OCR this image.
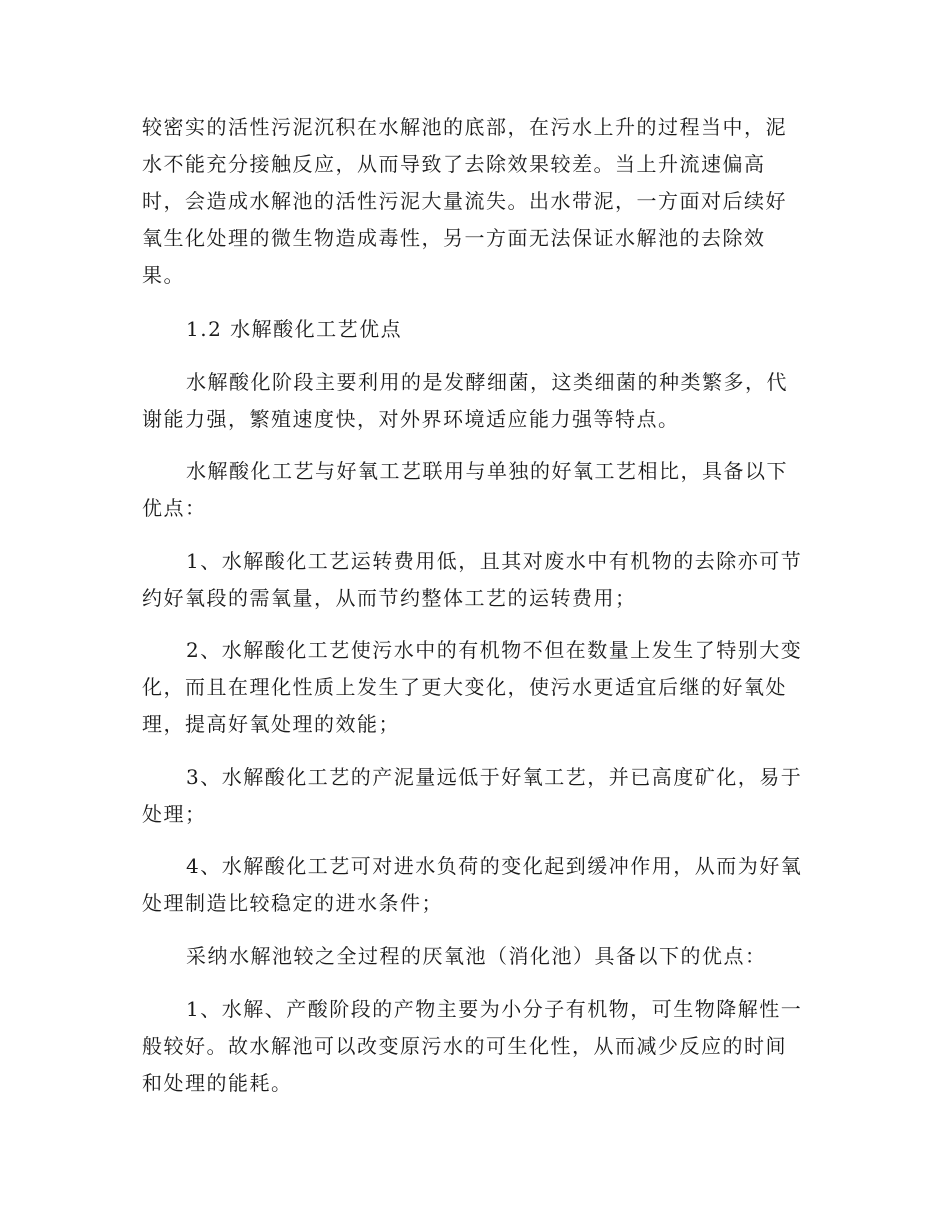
较密实的活性污泥沉积在水解池的底部，在污水上升的过程当中，泥
水不能充分接触反应，从而导致了去除效果较差。当上升流速偏高
时，会造成水解池的活性污泥大量流失。出水带泥，一方面对后续好
氧生化处理的微生物造成毒性，另一方面无法保证水解池的去除效
果。
1.2 水解酸化工艺优点
水解酸化阶段主要利用的是发酵细菌，这类细菌的种类繁多，代
谢能力强，繁殖速度快，对外界环境适应能力强等特点。
水解酸化工艺与好氧工艺联用与单独的好氧工艺相比，具备以下
优点：
1、水解酸化工艺运转费用低，且其对废水中有机物的去除亦可节
约好氧段的需氧量，从而节约整体工艺的运转费用；
2、水解酸化工艺使污水中的有机物不但在数量上发生了特别大变
化，而且在理化性质上发生了更大变化，使污水更适宜后继的好氧处
理，提高好氧处理的效能；
3、水解酸化工艺的产泥量远低于好氧工艺，并已高度矿化，易于
处理；
4、水解酸化工艺可对进水负荷的变化起到缓冲作用，从而为好氧
处理制造比较稳定的进水条件；
采纳水解池较之全过程的厌氧池（消化池）具备以下的优点：
1、水解、产酸阶段的产物主要为小分子有机物，可生物降解性一
般较好。故水解池可以改变原污水的可生化性，从而减少反应的时间
和处理的能耗。
